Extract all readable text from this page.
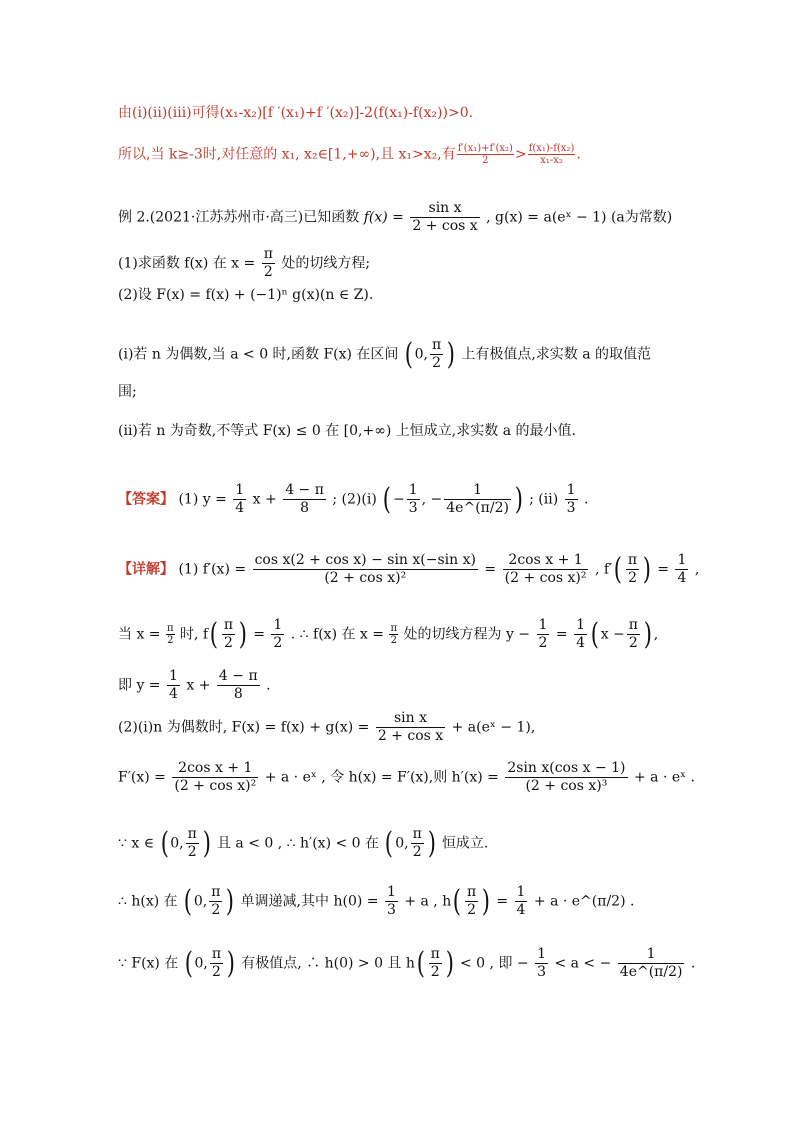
由(ⅰ)(ⅱ)(ⅲ)可得(x₁-x₂)[f ′(x₁)+f ′(x₂)]-2(f(x₁)-f(x₂))>0.
所以,当 k≥-3时,对任意的 x₁, x₂∈[1,+∞),且 x₁>x₂,有 $\frac{\text{f′(x₁)+f′(x₂)}}{2} > \frac{\text{f(x₁)-f(x₂)}}{\text{x₁-x₂}}$ .
例 2.(2021·江苏苏州市·高三)已知函数 $f(x) = \frac{\text{sin x}}{\text{2 + cos x}}$ , g(x) = a(eˣ − 1) (a为常数)
(1)求函数 f(x) 在 $x = \frac{\pi}{2}$ 处的切线方程;
(2)设 F(x) = f(x) + (−1)ⁿ g(x)(n ∈ Z).
(ⅰ)若 n 为偶数,当 a < 0 时,函数 F(x) 在区间 ( 0, $\frac{\pi}{2}$ ) 上有极值点,求实数 a 的取值范
围;
(ⅱ)若 n 为奇数,不等式 F(x) ≤ 0 在 [0,+∞) 上恒成立,求实数 a 的最小值.
【答案】 (1) $y = \frac{1}{4}$ $x + \frac{4 - \pi}{8}$ ; (2)(ⅰ) ( − $\frac{1}{3}$ , − $\frac{1}{4e\^{}(\pi/2)}$ ) ; (ⅱ) $\frac{1}{3}$ .
【详解】 (1) $f'(x) = \frac{\text{cos x(2 + cos x) − sin x(−sin x)}}{\text{(2 + cos x)²}} = \frac{\text{2cos x + 1}}{\text{(2 + cos x)²}}$ , $f'( \frac{\pi}{2}$ ) = $\frac{1}{4}$ ,
当 $x = \frac{\pi}{2}$ 时, $f( \frac{\pi}{2}$ ) = $\frac{1}{2}$ . ∴ f(x) 在 $x = \frac{\pi}{2}$ 处的切线方程为 $y - \frac{1}{2} = \frac{1}{4}$ ( $x - \frac{\pi}{2}$ ) ,
即 $y = \frac{1}{4}$ $x + \frac{4 - \pi}{8}$ .
(2)(ⅰ)n 为偶数时, $F(x) = f(x) + g(x) = \frac{\text{sin x}}{\text{2 + cos x}}$ + a(eˣ − 1),
$F'(x) = \frac{\text{2cos x + 1}}{\text{(2 + cos x)²}} + a$ · eˣ , 令 h(x) = F′(x),则 $h'(x) = \frac{\text{2sin x(cos x − 1)}}{\text{(2 + cos x)³}} + a$ · eˣ .
∵ x ∈ ( 0, $\frac{\pi}{2}$ ) 且 a < 0 , ∴ h′(x) < 0 在 ( 0, $\frac{\pi}{2}$ ) 恒成立.
∴ h(x) 在 ( 0, $\frac{\pi}{2}$ ) 单调递减,其中 $h(0) = \frac{1}{3} + a$ , $h( \frac{\pi}{2}$ ) = $\frac{1}{4} + a$ · e^(π/2) .
∵ F(x) 在 ( 0, $\frac{\pi}{2}$ ) 有极值点, ∴ h(0) > 0 且 $h( \frac{\pi}{2}$ ) < 0 , 即 − $\frac{1}{3} < a$ < − $\frac{1}{4e\^{}(\pi/2)}$ .
